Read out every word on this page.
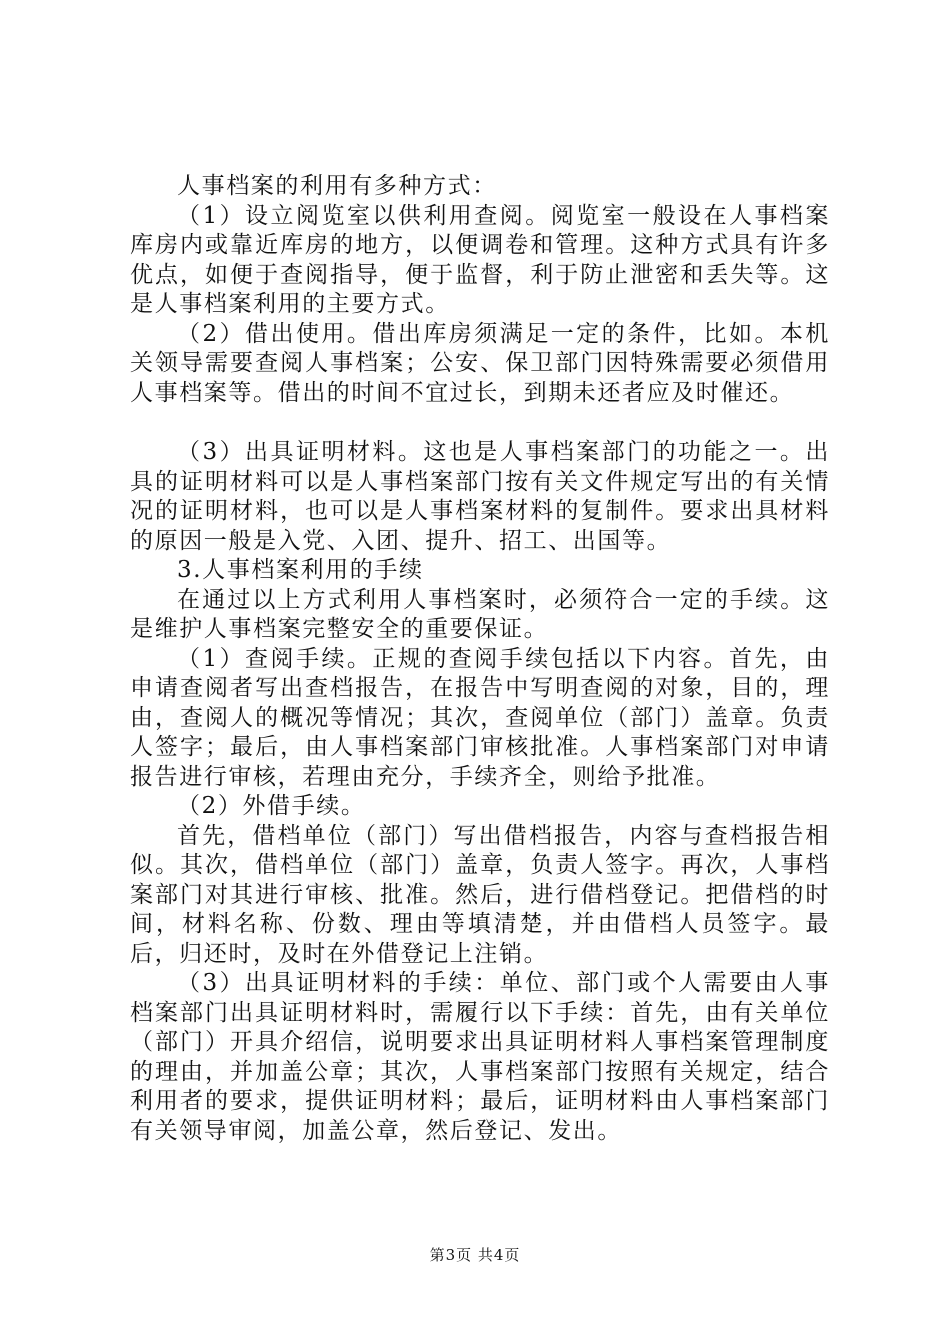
人事档案的利用有多种方式：

（1）设立阅览室以供利用查阅。阅览室一般设在人事档案库房内或靠近库房的地方，以便调卷和管理。这种方式具有许多优点，如便于查阅指导，便于监督，利于防止泄密和丢失等。这是人事档案利用的主要方式。

（2）借出使用。借出库房须满足一定的条件，比如。本机关领导需要查阅人事档案；公安、保卫部门因特殊需要必须借用人事档案等。借出的时间不宜过长，到期未还者应及时催还。

（3）出具证明材料。这也是人事档案部门的功能之一。出具的证明材料可以是人事档案部门按有关文件规定写出的有关情况的证明材料，也可以是人事档案材料的复制件。要求出具材料的原因一般是入党、入团、提升、招工、出国等。

3.人事档案利用的手续

在通过以上方式利用人事档案时，必须符合一定的手续。这是维护人事档案完整安全的重要保证。

（1）查阅手续。正规的查阅手续包括以下内容。首先，由申请查阅者写出查档报告，在报告中写明查阅的对象，目的，理由，查阅人的概况等情况；其次，查阅单位（部门）盖章。负责人签字；最后，由人事档案部门审核批准。人事档案部门对申请报告进行审核，若理由充分，手续齐全，则给予批准。

（2）外借手续。

首先，借档单位（部门）写出借档报告，内容与查档报告相似。其次，借档单位（部门）盖章，负责人签字。再次，人事档案部门对其进行审核、批准。然后，进行借档登记。把借档的时间，材料名称、份数、理由等填清楚，并由借档人员签字。最后，归还时，及时在外借登记上注销。

（3）出具证明材料的手续：单位、部门或个人需要由人事档案部门出具证明材料时，需履行以下手续：首先，由有关单位（部门）开具介绍信，说明要求出具证明材料人事档案管理制度的理由，并加盖公章；其次，人事档案部门按照有关规定，结合利用者的要求，提供证明材料；最后，证明材料由人事档案部门有关领导审阅，加盖公章，然后登记、发出。

第3页 共4页
